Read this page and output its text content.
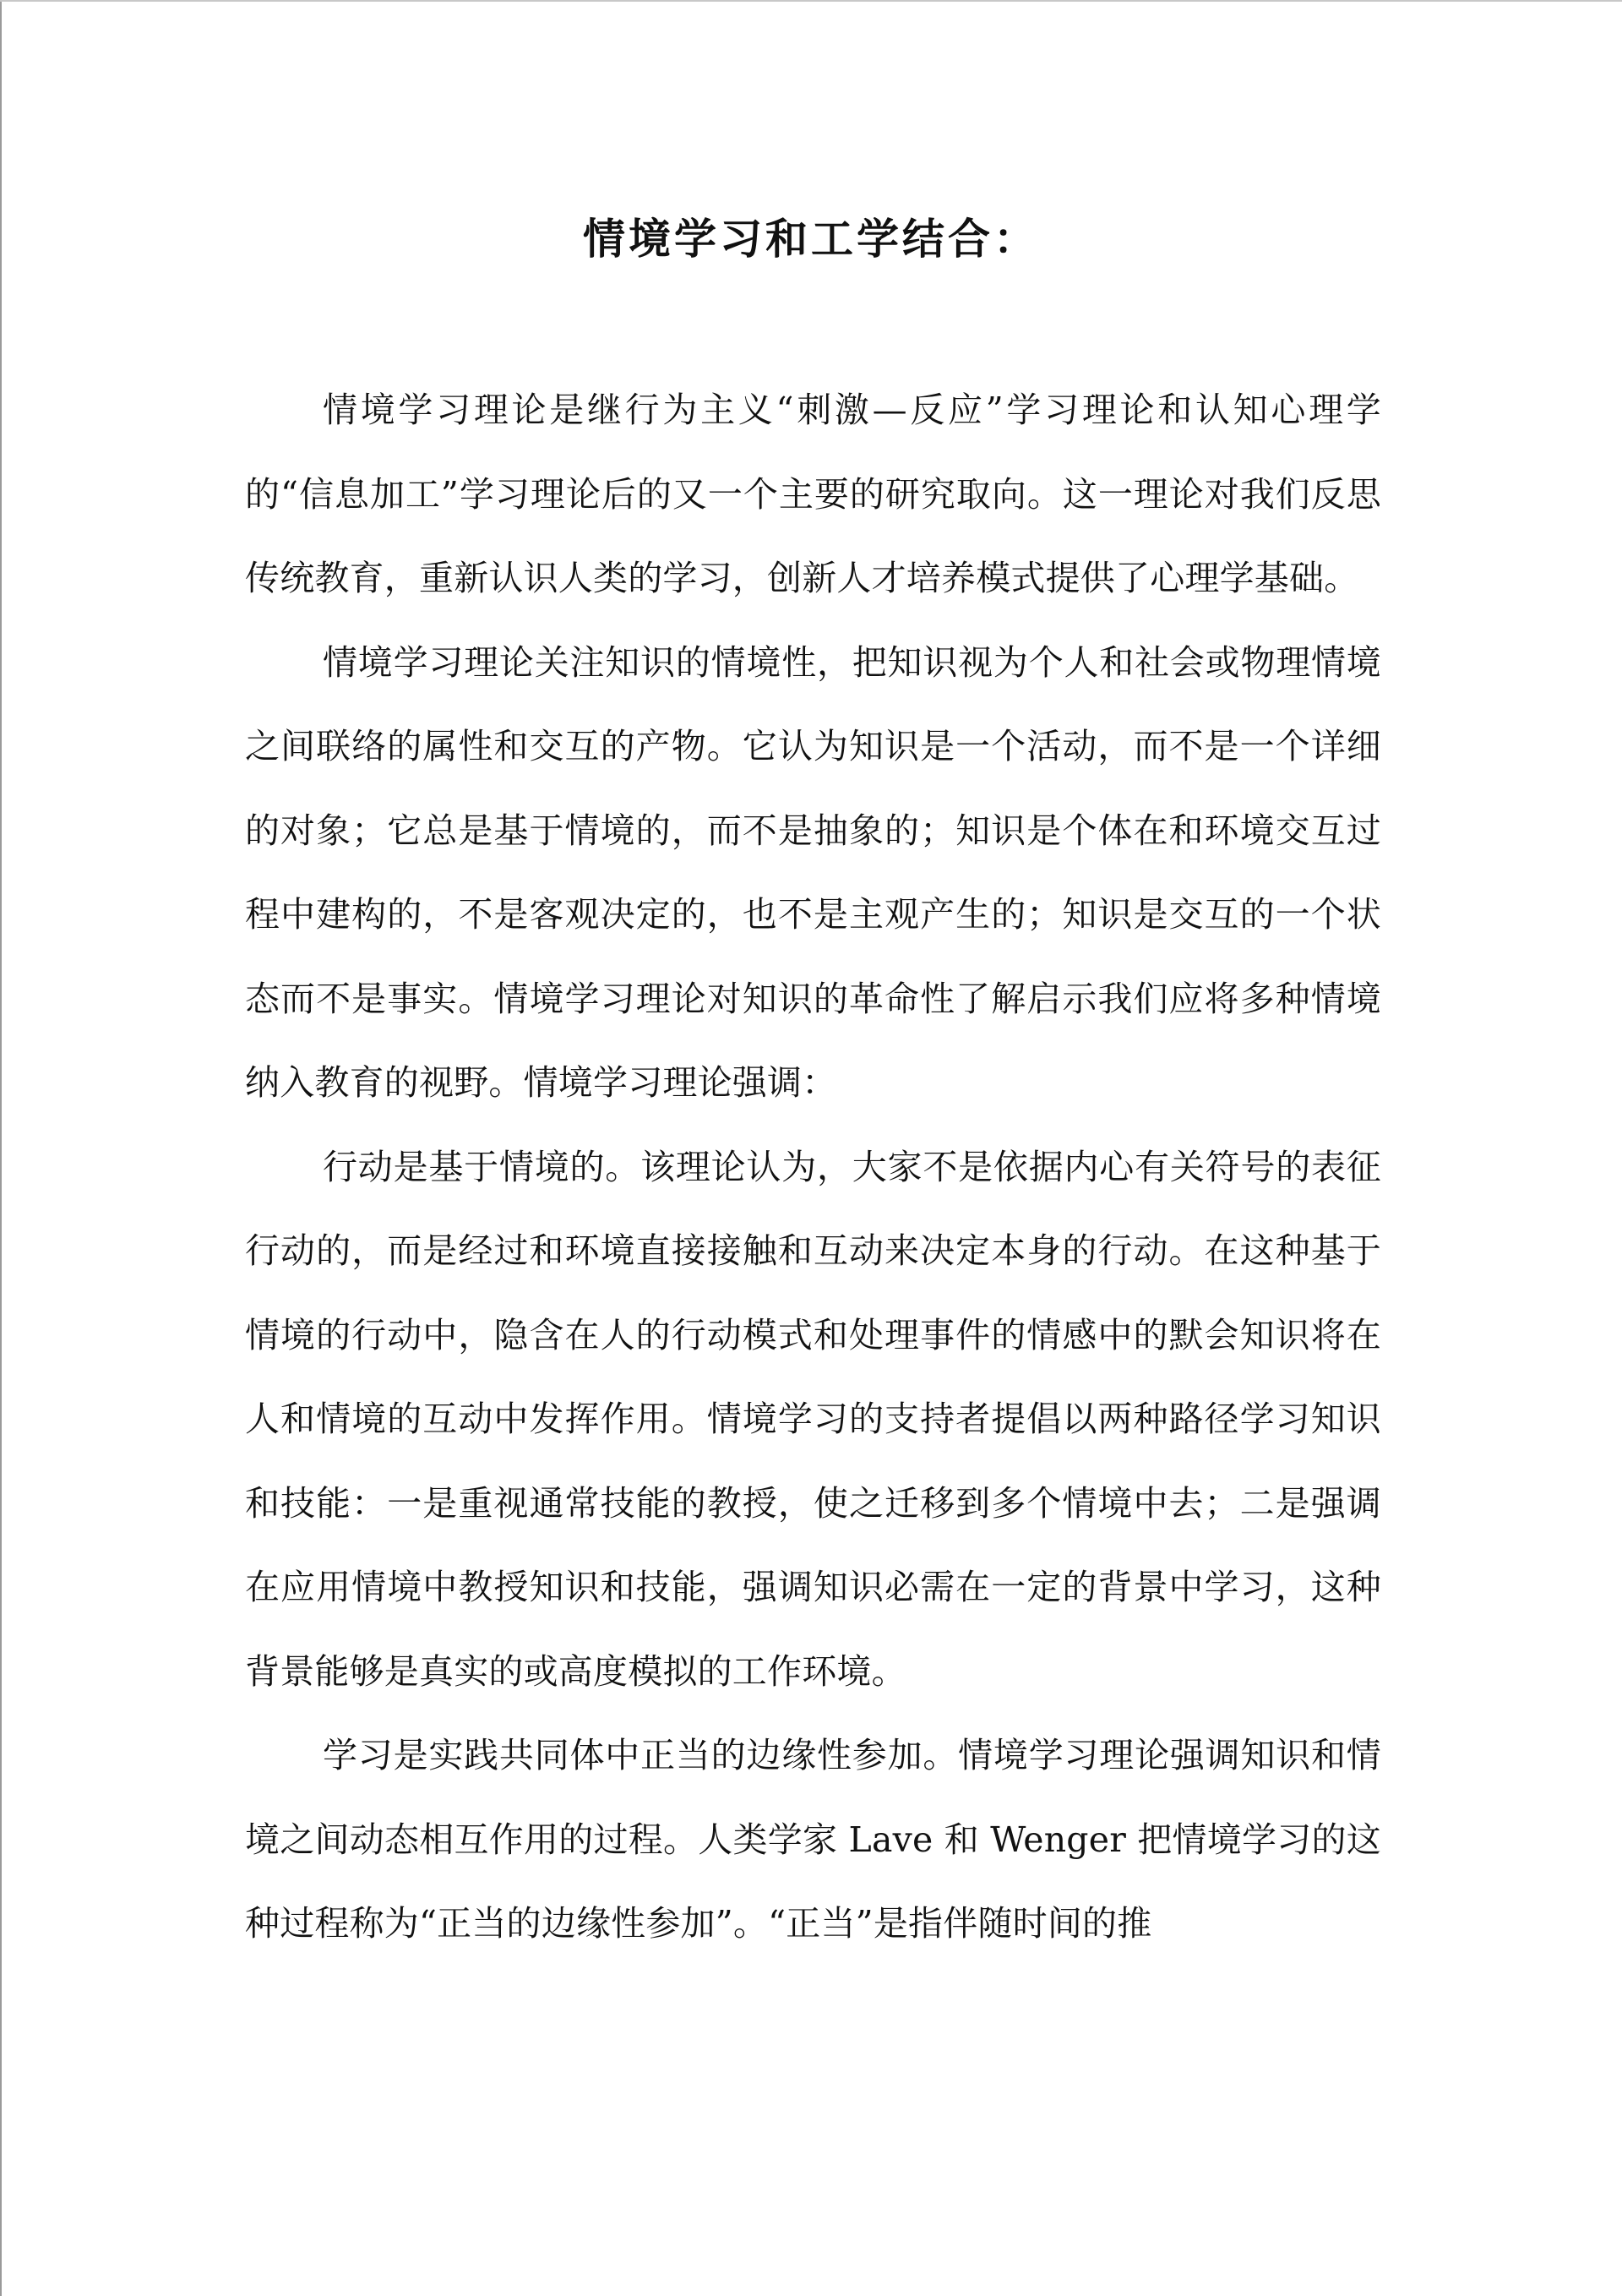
情境学习和工学结合：

情境学习理论是继行为主义“刺激—反应”学习理论和认知心理学的“信息加工”学习理论后的又一个主要的研究取向。这一理论对我们反思传统教育，重新认识人类的学习，创新人才培养模式提供了心理学基础。

情境学习理论关注知识的情境性，把知识视为个人和社会或物理情境之间联络的属性和交互的产物。它认为知识是一个活动，而不是一个详细的对象；它总是基于情境的，而不是抽象的；知识是个体在和环境交互过程中建构的，不是客观决定的，也不是主观产生的；知识是交互的一个状态而不是事实。情境学习理论对知识的革命性了解启示我们应将多种情境纳入教育的视野。情境学习理论强调：

行动是基于情境的。该理论认为，大家不是依据内心有关符号的表征行动的，而是经过和环境直接接触和互动来决定本身的行动。在这种基于情境的行动中，隐含在人的行动模式和处理事件的情感中的默会知识将在人和情境的互动中发挥作用。情境学习的支持者提倡以两种路径学习知识和技能：一是重视通常技能的教授，使之迁移到多个情境中去；二是强调在应用情境中教授知识和技能，强调知识必需在一定的背景中学习，这种背景能够是真实的或高度模拟的工作环境。

学习是实践共同体中正当的边缘性参加。情境学习理论强调知识和情境之间动态相互作用的过程。人类学家 Lave 和 Wenger 把情境学习的这种过程称为“正当的边缘性参加”。“正当”是指伴随时间的推
